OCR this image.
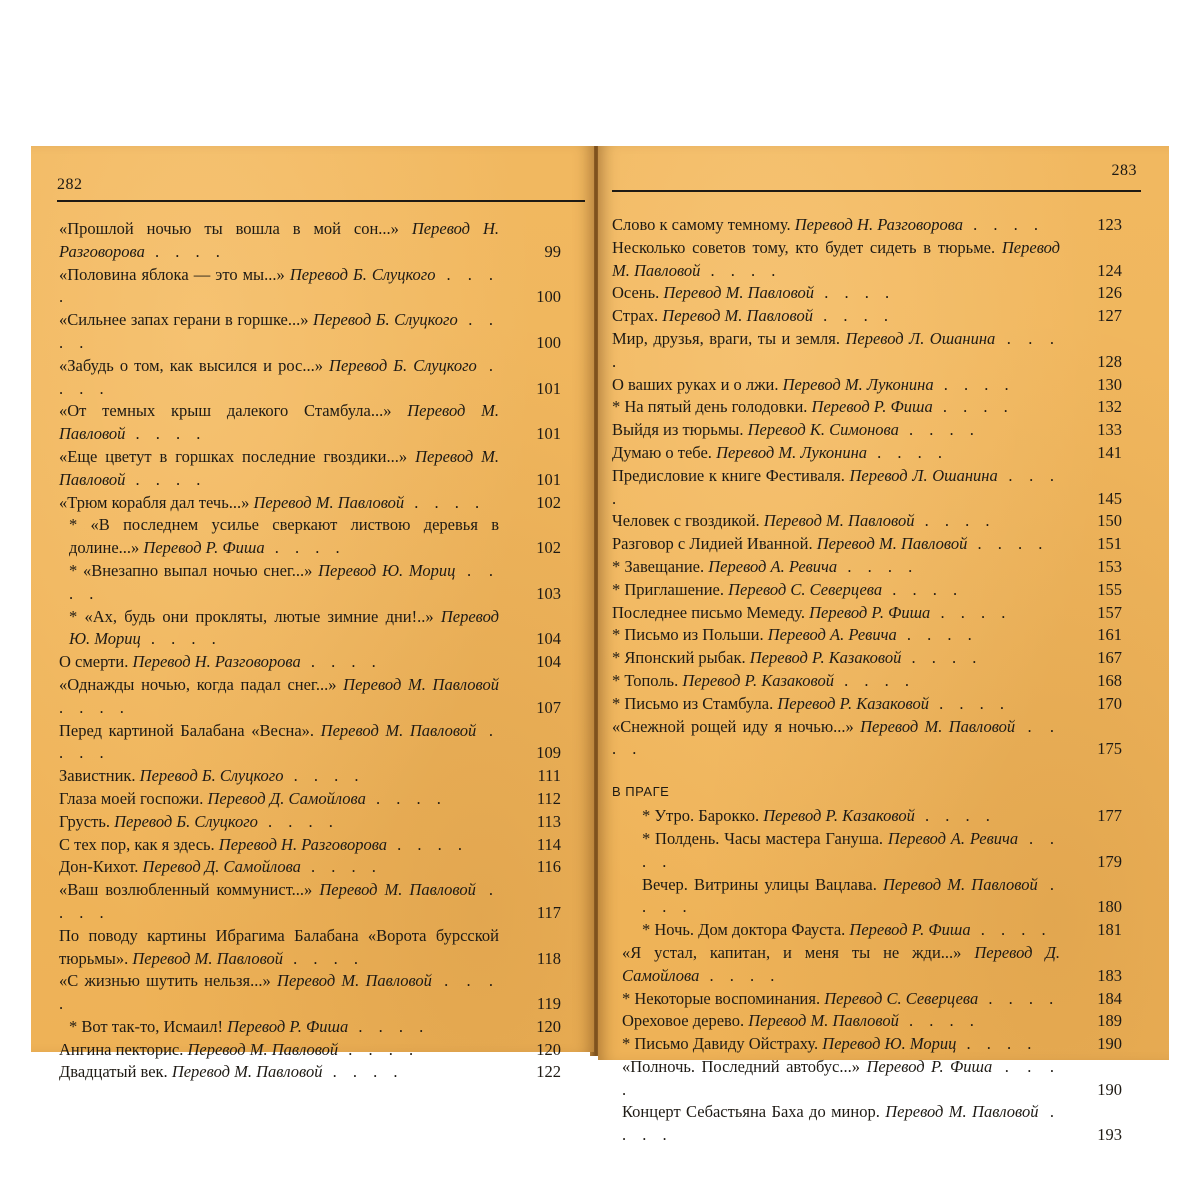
282
«Прошлой ночью ты вошла в мой сон...» Перевод Н. Разговорова . . . .	99
«Половина яблока — это мы...» Перевод Б. Слуцкого . . . .	100
«Сильнее запах герани в горшке...» Перевод Б. Слуцкого . . . .	100
«Забудь о том, как высился и рос...» Перевод Б. Слуцкого . . . .	101
«От темных крыш далекого Стамбула...» Перевод М. Павловой . . . .	101
«Еще цветут в горшках последние гвоздики...» Перевод М. Павловой . . . .	101
«Трюм корабля дал течь...» Перевод М. Павловой . . . .	102
* «В последнем усилье сверкают листвою деревья в долине...» Перевод Р. Фиша . . . .	102
* «Внезапно выпал ночью снег...» Перевод Ю. Мориц . . . .	103
* «Ах, будь они прокляты, лютые зимние дни!..» Перевод Ю. Мориц . . . .	104
О смерти. Перевод Н. Разговорова . . . .	104
«Однажды ночью, когда падал снег...» Перевод М. Павловой . . . .	107
Перед картиной Балабана «Весна». Перевод М. Павловой . . . .	109
Завистник. Перевод Б. Слуцкого . . . .	111
Глаза моей госпожи. Перевод Д. Самойлова . . . .	112
Грусть. Перевод Б. Слуцкого . . . .	113
С тех пор, как я здесь. Перевод Н. Разговорова . . . .	114
Дон-Кихот. Перевод Д. Самойлова . . . .	116
«Ваш возлюбленный коммунист...» Перевод М. Павловой . . . .	117
По поводу картины Ибрагима Балабана «Ворота бурсской тюрьмы». Перевод М. Павловой . . . .	118
«С жизнью шутить нельзя...» Перевод М. Павловой . . . .	119
* Вот так-то, Исмаил! Перевод Р. Фиша . . . .	120
Ангина пекторис. Перевод М. Павловой . . . .	120
Двадцатый век. Перевод М. Павловой . . . .	122
283
Слово к самому темному. Перевод Н. Разговорова . . . .	123
Несколько советов тому, кто будет сидеть в тюрьме. Перевод М. Павловой . . . .	124
Осень. Перевод М. Павловой . . . .	126
Страх. Перевод М. Павловой . . . .	127
Мир, друзья, враги, ты и земля. Перевод Л. Ошанина . . . .	128
О ваших руках и о лжи. Перевод М. Луконина . . . .	130
* На пятый день голодовки. Перевод Р. Фиша . . . .	132
Выйдя из тюрьмы. Перевод К. Симонова . . . .	133
Думаю о тебе. Перевод М. Луконина . . . .	141
Предисловие к книге Фестиваля. Перевод Л. Ошанина . . . .	145
Человек с гвоздикой. Перевод М. Павловой . . . .	150
Разговор с Лидией Иванной. Перевод М. Павловой . . . .	151
* Завещание. Перевод А. Ревича . . . .	153
* Приглашение. Перевод С. Северцева . . . .	155
Последнее письмо Мемеду. Перевод Р. Фиша . . . .	157
* Письмо из Польши. Перевод А. Ревича . . . .	161
* Японский рыбак. Перевод Р. Казаковой . . . .	167
* Тополь. Перевод Р. Казаковой . . . .	168
* Письмо из Стамбула. Перевод Р. Казаковой . . . .	170
«Снежной рощей иду я ночью...» Перевод М. Павловой . . . .	175
В ПРАГЕ
* Утро. Барокко. Перевод Р. Казаковой . . . .	177
* Полдень. Часы мастера Гануша. Перевод А. Ревича . . . .	179
Вечер. Витрины улицы Вацлава. Перевод М. Павловой . . . .	180
* Ночь. Дом доктора Фауста. Перевод Р. Фиша . . . .	181
«Я устал, капитан, и меня ты не жди...» Перевод Д. Самойлова . . . .	183
* Некоторые воспоминания. Перевод С. Северцева . . . .	184
Ореховое дерево. Перевод М. Павловой . . . .	189
* Письмо Давиду Ойстраху. Перевод Ю. Мориц . . . .	190
«Полночь. Последний автобус...» Перевод Р. Фиша . . . .	190
Концерт Себастьяна Баха до минор. Перевод М. Павловой . . . .	193
